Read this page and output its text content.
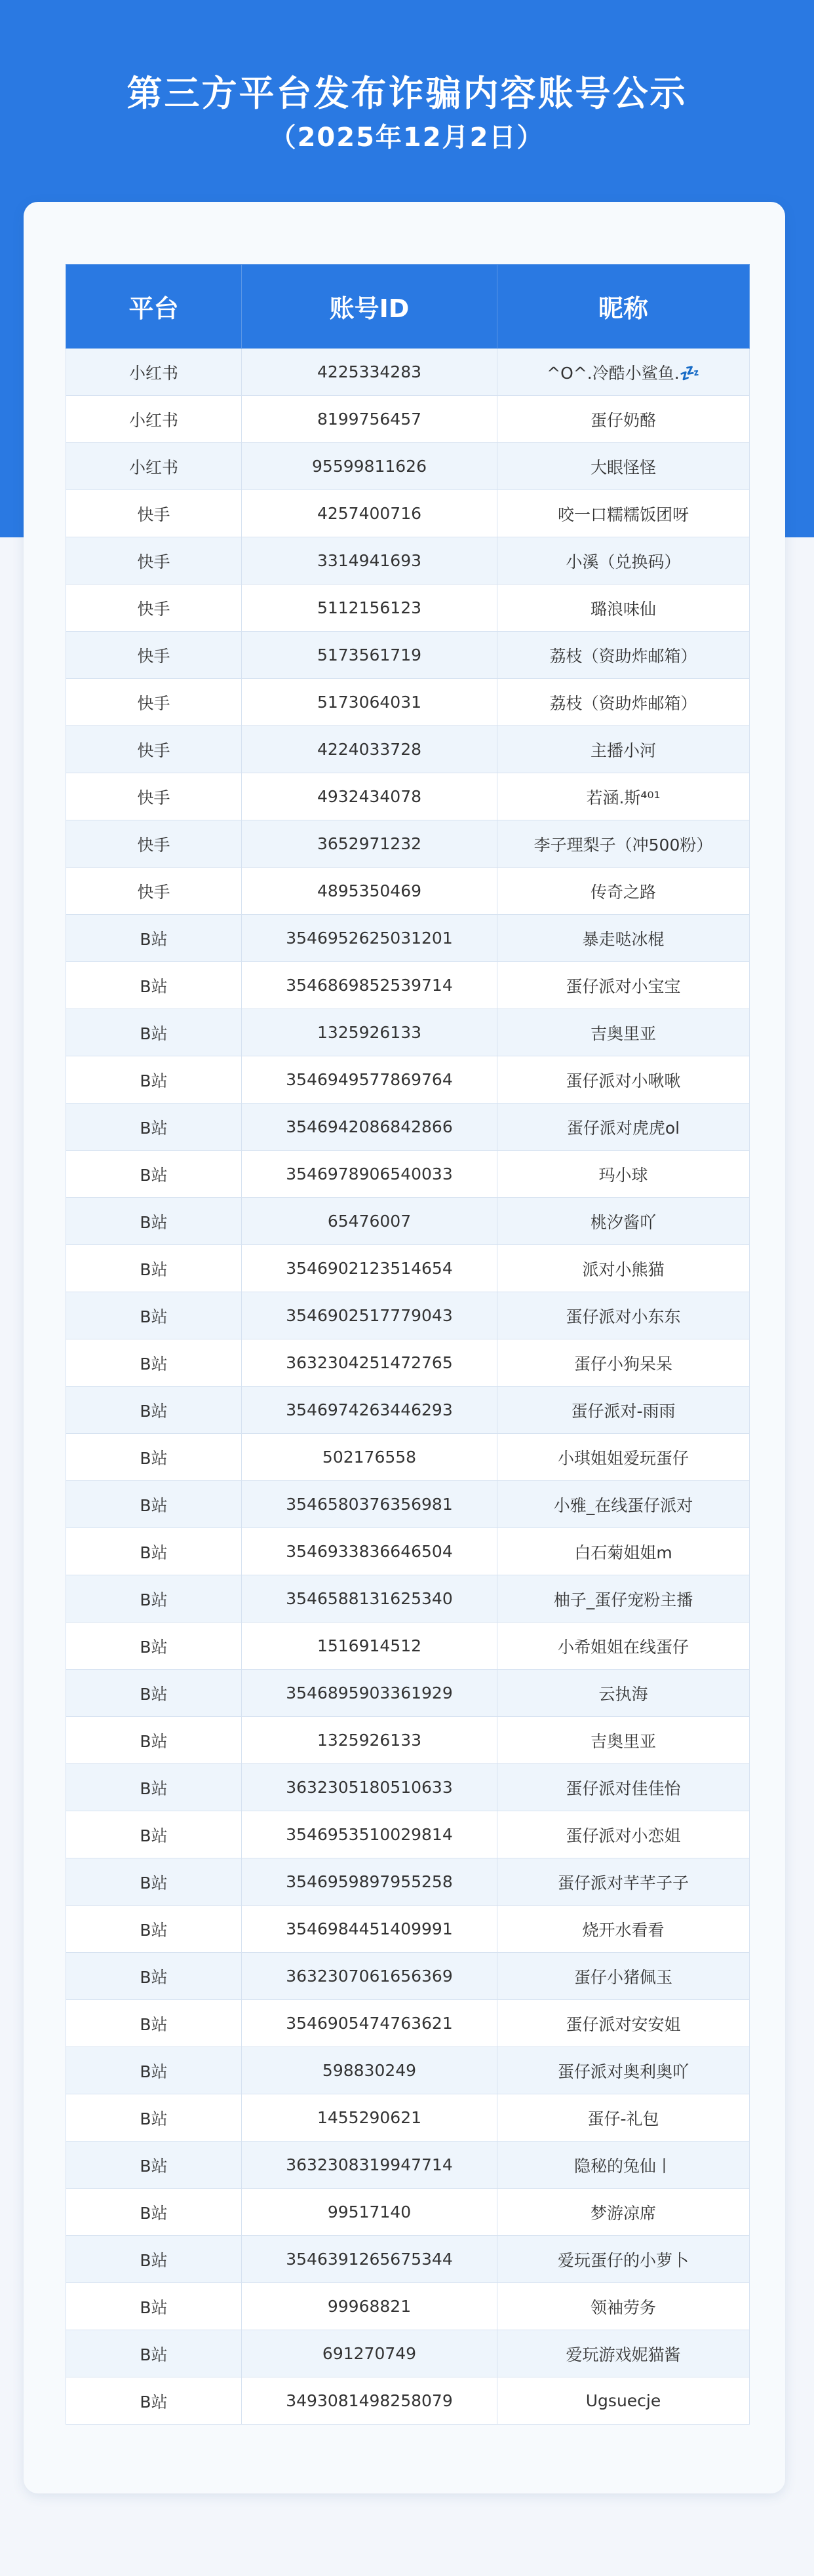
第三方平台发布诈骗内容账号公示
（2025年12月2日）
平台	账号ID	昵称
小红书	4225334283	^O^.冷酷小鲨鱼.💤
小红书	8199756457	蛋仔奶酪
小红书	95599811626	大眼怪怪
快手	4257400716	咬一口糯糯饭团呀
快手	3314941693	小溪（兑换码）
快手	5112156123	璐浪味仙
快手	5173561719	荔枝（资助炸邮箱）
快手	5173064031	荔枝（资助炸邮箱）
快手	4224033728	主播小河
快手	4932434078	若涵.斯⁴⁰¹
快手	3652971232	李子理梨子（冲500粉）
快手	4895350469	传奇之路
B站	3546952625031201	暴走哒冰棍
B站	3546869852539714	蛋仔派对小宝宝
B站	1325926133	吉奥里亚
B站	3546949577869764	蛋仔派对小啾啾
B站	3546942086842866	蛋仔派对虎虎ol
B站	3546978906540033	玛小球
B站	65476007	桃汐酱吖
B站	3546902123514654	派对小熊猫
B站	3546902517779043	蛋仔派对小东东
B站	3632304251472765	蛋仔小狗呆呆
B站	3546974263446293	蛋仔派对-雨雨
B站	502176558	小琪姐姐爱玩蛋仔
B站	3546580376356981	小雅_在线蛋仔派对
B站	3546933836646504	白石菊姐姐m
B站	3546588131625340	柚子_蛋仔宠粉主播
B站	1516914512	小希姐姐在线蛋仔
B站	3546895903361929	云执海
B站	1325926133	吉奥里亚
B站	3632305180510633	蛋仔派对佳佳怡
B站	3546953510029814	蛋仔派对小恋姐
B站	3546959897955258	蛋仔派对芊芊子子
B站	3546984451409991	烧开水看看
B站	3632307061656369	蛋仔小猪佩玉
B站	3546905474763621	蛋仔派对安安姐
B站	598830249	蛋仔派对奥利奥吖
B站	1455290621	蛋仔-礼包
B站	3632308319947714	隐秘的兔仙丨
B站	99517140	梦游凉席
B站	3546391265675344	爱玩蛋仔的小萝卜
B站	99968821	领袖劳务
B站	691270749	爱玩游戏妮猫酱
B站	3493081498258079	Ugsuecje
